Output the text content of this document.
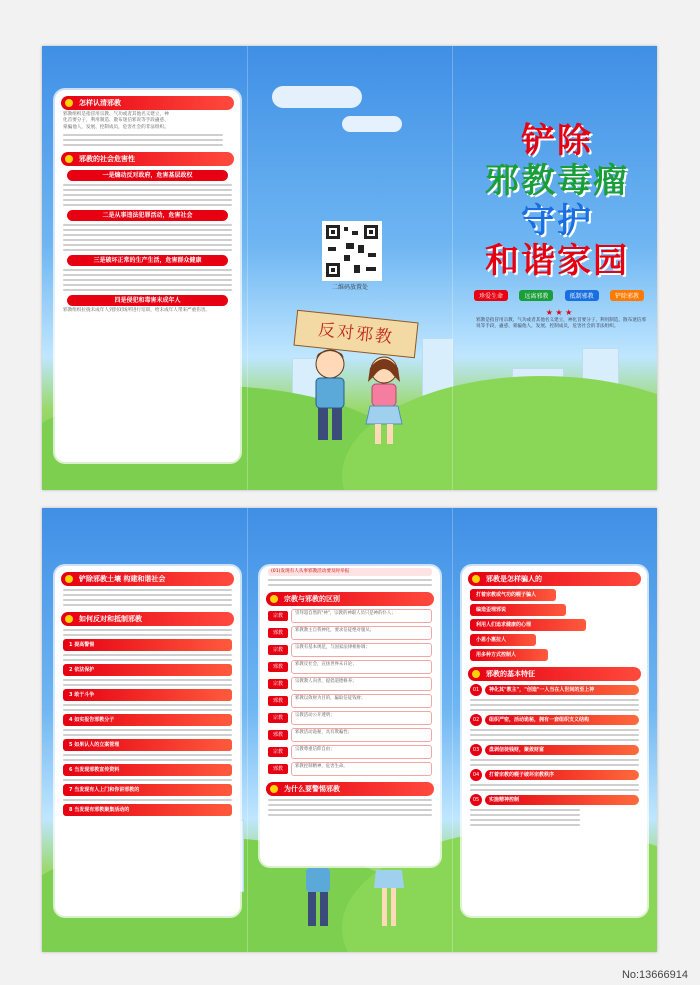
怎样认清邪教
邪教组织是指冒用宗教、气功或者其他名义建立，神化首要分子，利用制造、散布迷信邪说等手段蛊惑、蒙骗他人，发展、控制成员，危害社会的非法组织。
邪教的社会危害性
一是煽动反对政府，危害基层政权
二是从事违法犯罪活动，危害社会
三是破坏正常的生产生活，危害群众健康
四是侵犯和毒害未成年人
邪教组织拉拢未成年人到封闭场所进行培训，给未成年人带来严重伤害。
二维码放置处
反对邪教
铲除
邪教毒瘤
守护
和谐家园
珍爱生命	远离邪教	抵制邪教	铲除邪教
★ ★ ★
邪教是指冒用宗教、气功或者其他名义建立，神化首要分子，利用制造、散布迷信邪说等手段，蛊惑、蒙骗他人，发展、控制成员，危害社会的非法组织。
铲除邪教土壤 构建和谐社会
如何反对和抵制邪教
1 提高警惕
2 依法保护
3 敢于斗争
4 如实报告邪教分子
5 如果认人的立案管理
6 当发现邪教宣传资料
7 当发现有人上门和你讲邪教的
8 当发现有邪教聚集活动的
(01)发现有人从事邪教活动要及时举报
宗教与邪教的区别
宗教	崇拜超自然的"神"，宗教的神职人员只是神的仆人；
邪教	邪教教主自我神化，要求信徒绝对服从；
宗教	宗教有基本规范，与国家法律相协调；
邪教	邪教反社会，宣扬世界末日论；
宗教	宗教教人向善，提倡道德修养；
邪教	邪教以敛财为目的，骗取信徒钱财；
宗教	宗教活动公开透明；
邪教	邪教活动诡秘，具有欺骗性；
宗教	宗教尊重信仰自由；
邪教	邪教控制精神，危害生命。
为什么要警惕邪教
邪教是怎样骗人的
打着宗教或气功的幌子骗人
编造歪理邪说
利用人们追求健康的心理
小恩小惠拉人
用多种方式控制人
邪教的基本特征
01	神化其"教主"，"创造"一人当在人世间的至上神
02	组织严密，活动诡秘，拥有一套组织支义结构
03	盘剥信徒钱财，聚敛财富
04	打着宗教的幌子破坏宗教秩序
05	实施精神控制
No:13666914
